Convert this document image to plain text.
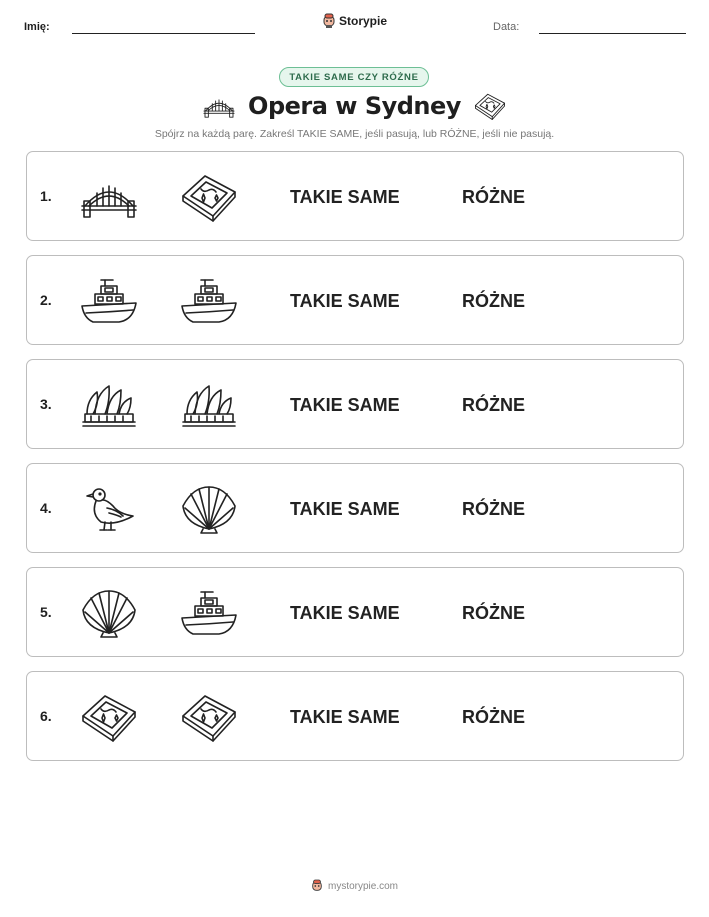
Imię:	Storypie	Data:
TAKIE SAME CZY RÓŻNE
Opera w Sydney
Spójrz na każdą parę. Zakreśl TAKIE SAME, jeśli pasują, lub RÓŻNE, jeśli nie pasują.
1.	TAKIE SAME	RÓŻNE
2.	TAKIE SAME	RÓŻNE
3.	TAKIE SAME	RÓŻNE
4.	TAKIE SAME	RÓŻNE
5.	TAKIE SAME	RÓŻNE
6.	TAKIE SAME	RÓŻNE
mystorypie.com
